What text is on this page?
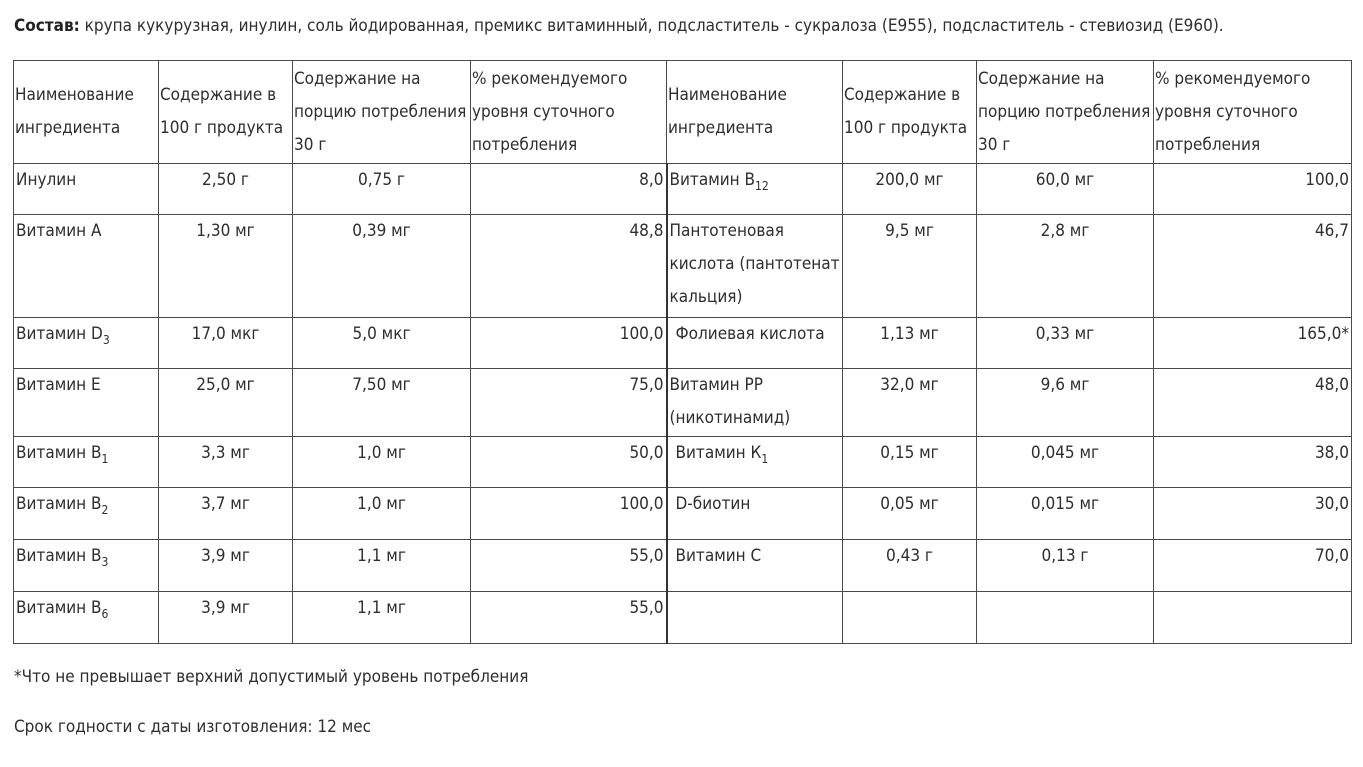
Состав: крупа кукурузная, инулин, соль йодированная, премикс витаминный, подсластитель - сукралоза (Е955), подсластитель - стевиозид (Е960).
Наименование ингредиента	Содержание в 100 г продукта	Содержание на порцию потребления 30 г	% рекомендуемого уровня суточного потребления	Наименование ингредиента	Содержание в 100 г продукта	Содержание на порцию потребления 30 г	% рекомендуемого уровня суточного потребления
Инулин	2,50 г	0,75 г	8,0	Витамин $В_{12}$	200,0 мг	60,0 мг	100,0
Витамин А	1,30 мг	0,39 мг	48,8	Пантотеновая кислота (пантотенат кальция)	9,5 мг	2,8 мг	46,7
Витамин $D_3$	17,0 мкг	5,0 мкг	100,0	Фолиевая кислота	1,13 мг	0,33 мг	165,0*
Витамин Е	25,0 мг	7,50 мг	75,0	Витамин РР (никотинамид)	32,0 мг	9,6 мг	48,0
Витамин $В_1$	3,3 мг	1,0 мг	50,0	Витамин $К_1$	0,15 мг	0,045 мг	38,0
Витамин $В_2$	3,7 мг	1,0 мг	100,0	D-биотин	0,05 мг	0,015 мг	30,0
Витамин $В_3$	3,9 мг	1,1 мг	55,0	Витамин С	0,43 г	0,13 г	70,0
Витамин $В_6$	3,9 мг	1,1 мг	55,0				
*Что не превышает верхний допустимый уровень потребления
Срок годности с даты изготовления: 12 мес
